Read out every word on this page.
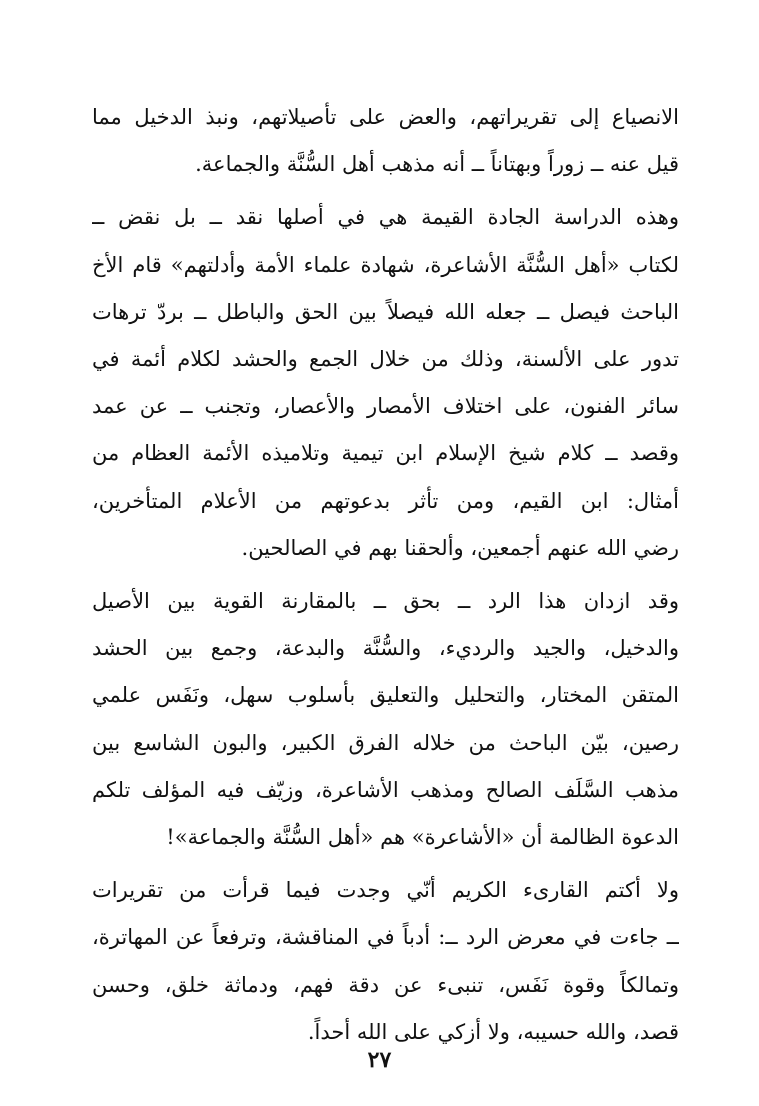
الانصياع إلى تقريراتهم، والعض على تأصيلاتهم، ونبذ الدخيل مما
قيل عنه ــ زوراً وبهتاناً ــ أنه مذهب أهل السُّنَّة والجماعة.
وهذه الدراسة الجادة القيمة هي في أصلها نقد ــ بل نقض ــ
لكتاب «أهل السُّنَّة الأشاعرة، شهادة علماء الأمة وأدلتهم» قام الأخ
الباحث فيصل ــ جعله الله فيصلاً بين الحق والباطل ــ بردّ ترهات
تدور على الألسنة، وذلك من خلال الجمع والحشد لكلام أئمة في
سائر الفنون، على اختلاف الأمصار والأعصار، وتجنب ــ عن عمد
وقصد ــ كلام شيخ الإسلام ابن تيمية وتلاميذه الأئمة العظام من
أمثال: ابن القيم، ومن تأثر بدعوتهم من الأعلام المتأخرين،
رضي الله عنهم أجمعين، وألحقنا بهم في الصالحين.
وقد ازدان هذا الرد ــ بحق ــ بالمقارنة القوية بين الأصيل
والدخيل، والجيد والرديء، والسُّنَّة والبدعة، وجمع بين الحشد
المتقن المختار، والتحليل والتعليق بأسلوب سهل، ونَفَس علمي
رصين، بيّن الباحث من خلاله الفرق الكبير، والبون الشاسع بين
مذهب السَّلَف الصالح ومذهب الأشاعرة، وزيّف فيه المؤلف تلكم
الدعوة الظالمة أن «الأشاعرة» هم «أهل السُّنَّة والجماعة»!
ولا أكتم القارىء الكريم أنّي وجدت فيما قرأت من تقريرات
ــ جاءت في معرض الرد ــ: أدباً في المناقشة، وترفعاً عن المهاترة،
وتمالكاً وقوة نَفَس، تنبىء عن دقة فهم، ودماثة خلق، وحسن
قصد، والله حسيبه، ولا أزكي على الله أحداً.
٢٧
